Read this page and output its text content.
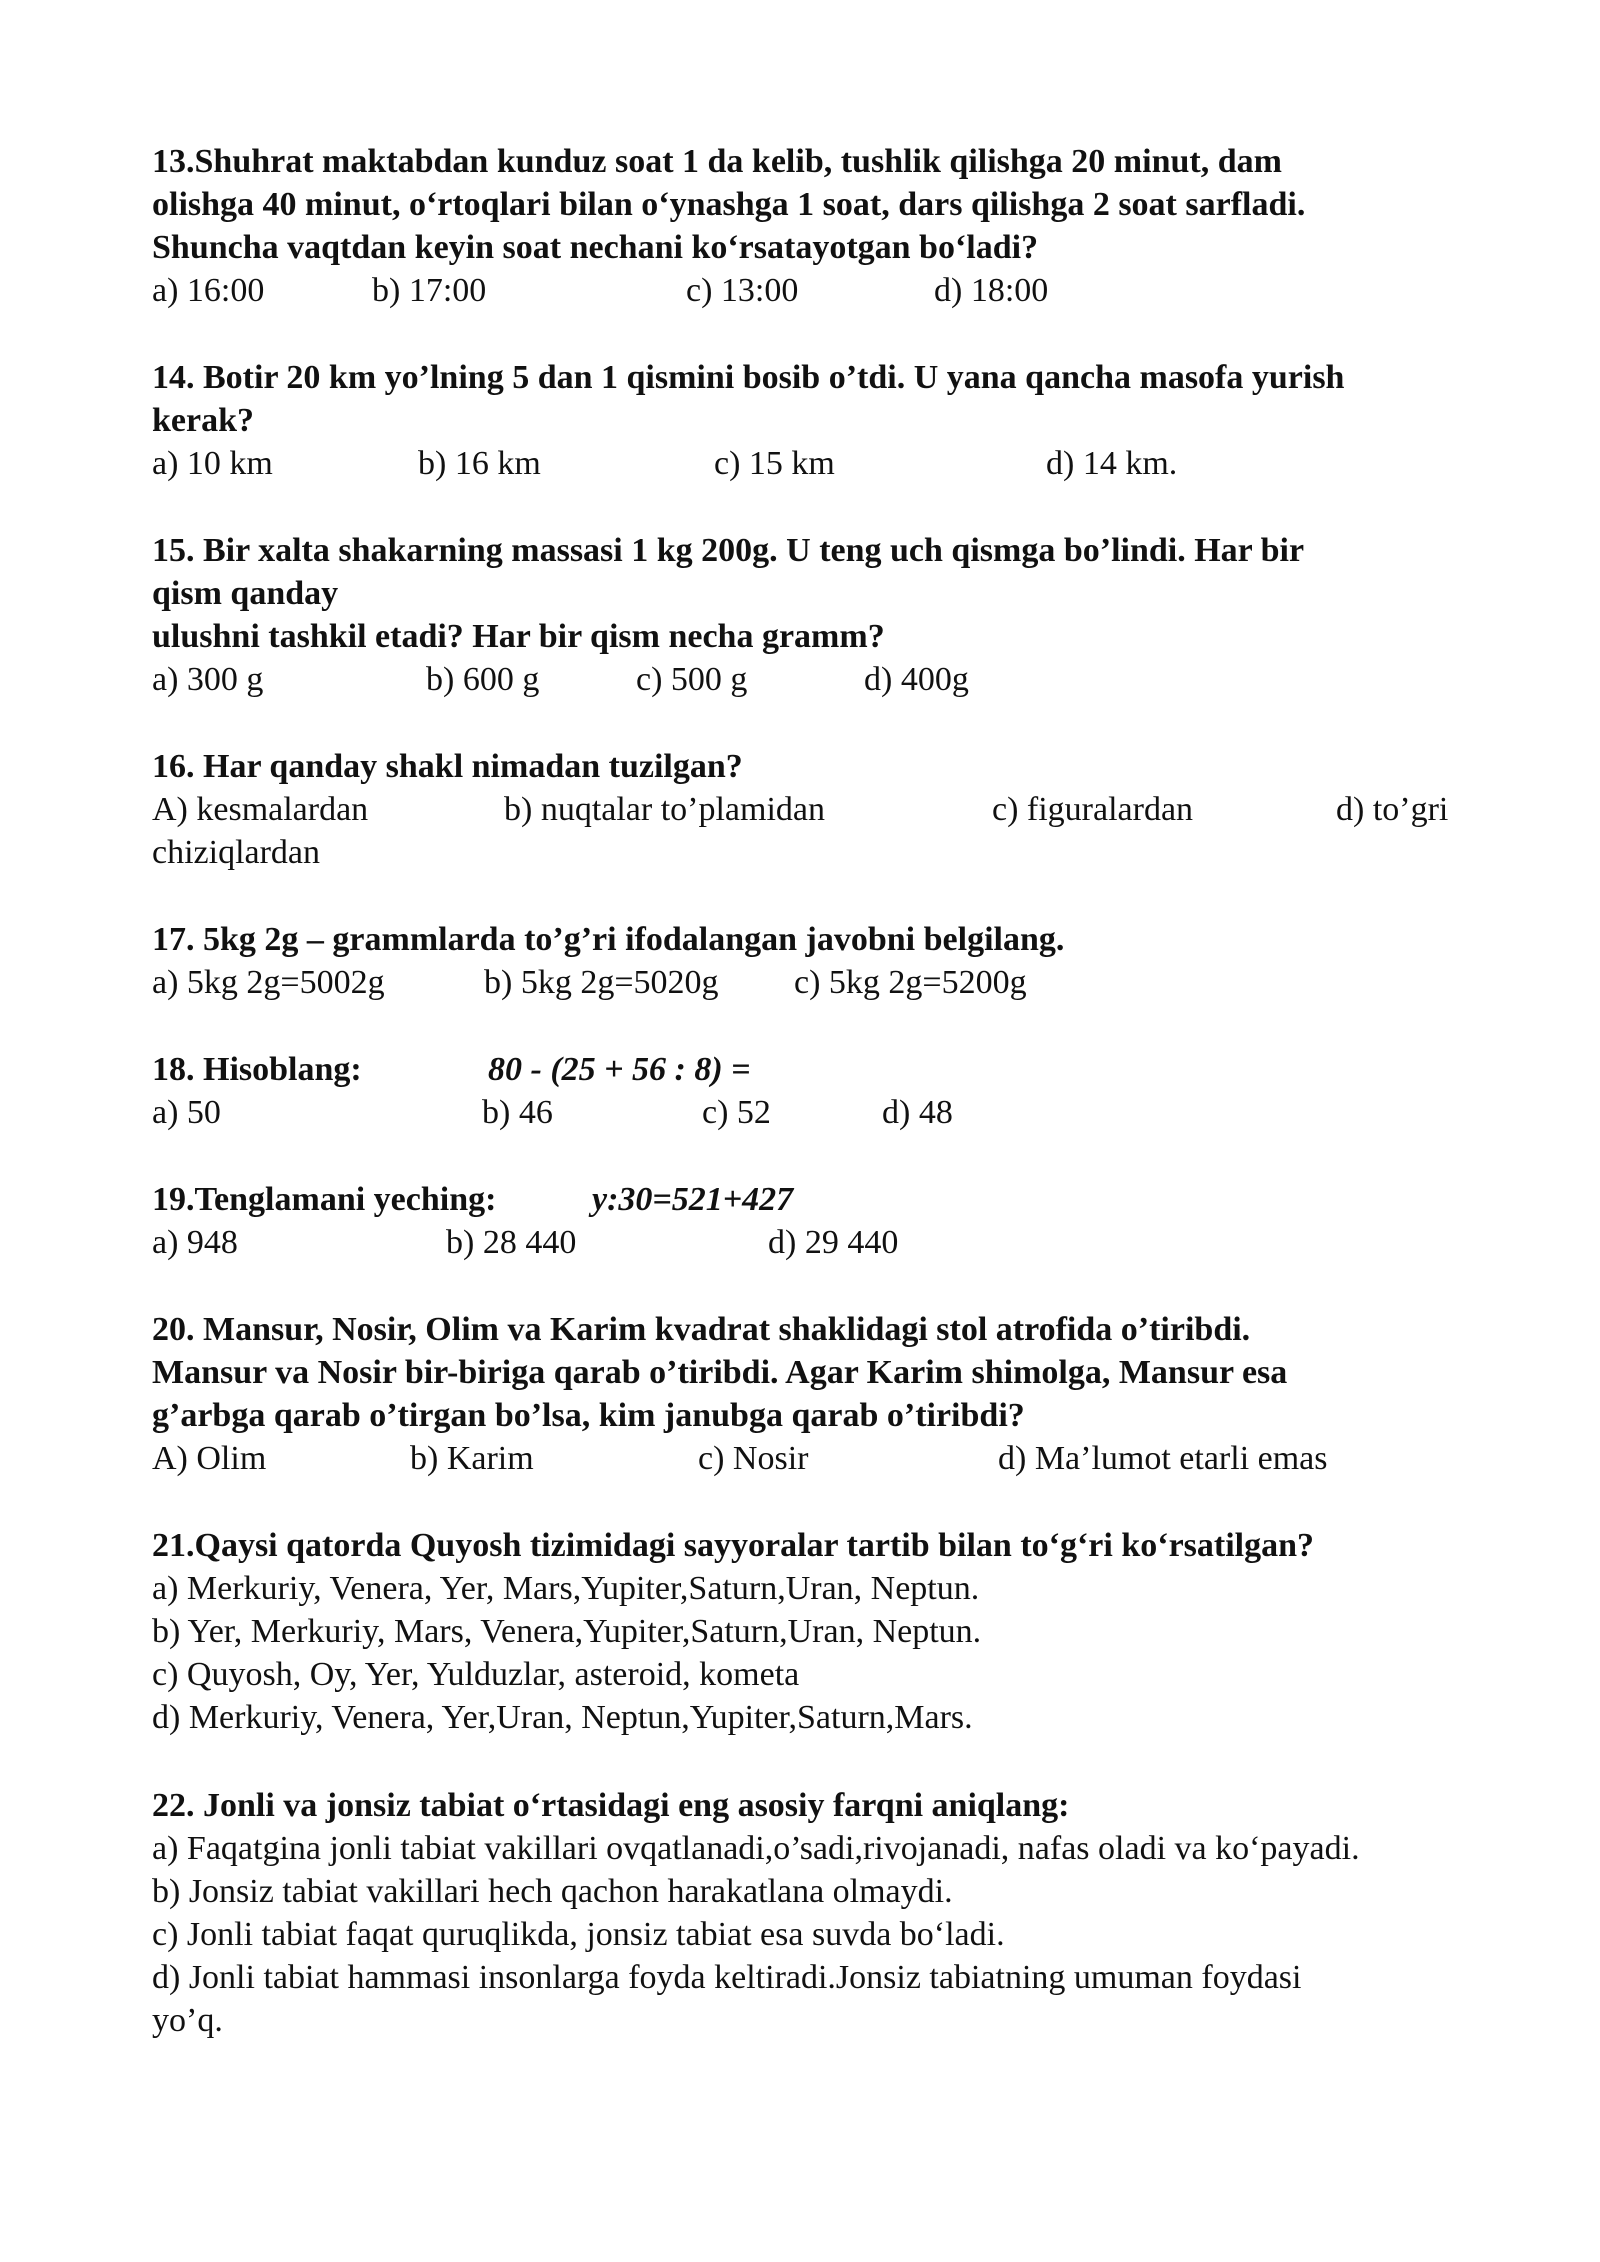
13.Shuhrat maktabdan kunduz soat 1 da kelib, tushlik qilishga 20 minut, dam
olishga 40 minut, o‘rtoqlari bilan o‘ynashga 1 soat, dars qilishga 2 soat sarfladi.
Shuncha vaqtdan keyin soat nechani ko‘rsatayotgan bo‘ladi?
a) 16:00	b) 17:00	c) 13:00	d) 18:00
14. Botir 20 km yo’lning 5 dan 1 qismini bosib o’tdi. U yana qancha masofa yurish
kerak?
a) 10 km	b) 16 km	c) 15 km	d) 14 km.
15. Bir xalta shakarning massasi 1 kg 200g. U teng uch qismga bo’lindi. Har bir
qism qanday
ulushni tashkil etadi? Har bir qism necha gramm?
a) 300 g	b) 600 g	c) 500 g	d) 400g
16. Har qanday shakl nimadan tuzilgan?
A) kesmalardan	b) nuqtalar to’plamidan	c) figuralardan	d) to’gri
chiziqlardan
17. 5kg 2g – grammlarda to’g’ri ifodalangan javobni belgilang.
a) 5kg 2g=5002g	b) 5kg 2g=5020g c) 5kg 2g=5200g
18. Hisoblang:	80 - (25 + 56 : 8) =
a) 50	b) 46	c) 52	d) 48
19.Tenglamani yeching:	y:30=521+427
a) 948	b) 28 440	d) 29 440
20. Mansur, Nosir, Olim va Karim kvadrat shaklidagi stol atrofida o’tiribdi.
Mansur va Nosir bir-biriga qarab o’tiribdi. Agar Karim shimolga, Mansur esa
g’arbga qarab o’tirgan bo’lsa, kim janubga qarab o’tiribdi?
A) Olim	b) Karim	c) Nosir	d) Ma’lumot etarli emas
21.Qaysi qatorda Quyosh tizimidagi sayyoralar tartib bilan to‘g‘ri ko‘rsatilgan?
a) Merkuriy, Venera, Yer, Mars,Yupiter,Saturn,Uran, Neptun.
b) Yer, Merkuriy, Mars, Venera,Yupiter,Saturn,Uran, Neptun.
c) Quyosh, Oy, Yer, Yulduzlar, asteroid, kometa
d) Merkuriy, Venera, Yer,Uran, Neptun,Yupiter,Saturn,Mars.
22. Jonli va jonsiz tabiat o‘rtasidagi eng asosiy farqni aniqlang:
a) Faqatgina jonli tabiat vakillari ovqatlanadi,o’sadi,rivojanadi, nafas oladi va ko‘payadi.
b) Jonsiz tabiat vakillari hech qachon harakatlana olmaydi.
c) Jonli tabiat faqat quruqlikda, jonsiz tabiat esa suvda bo‘ladi.
d) Jonli tabiat hammasi insonlarga foyda keltiradi.Jonsiz tabiatning umuman foydasi
yo’q.
